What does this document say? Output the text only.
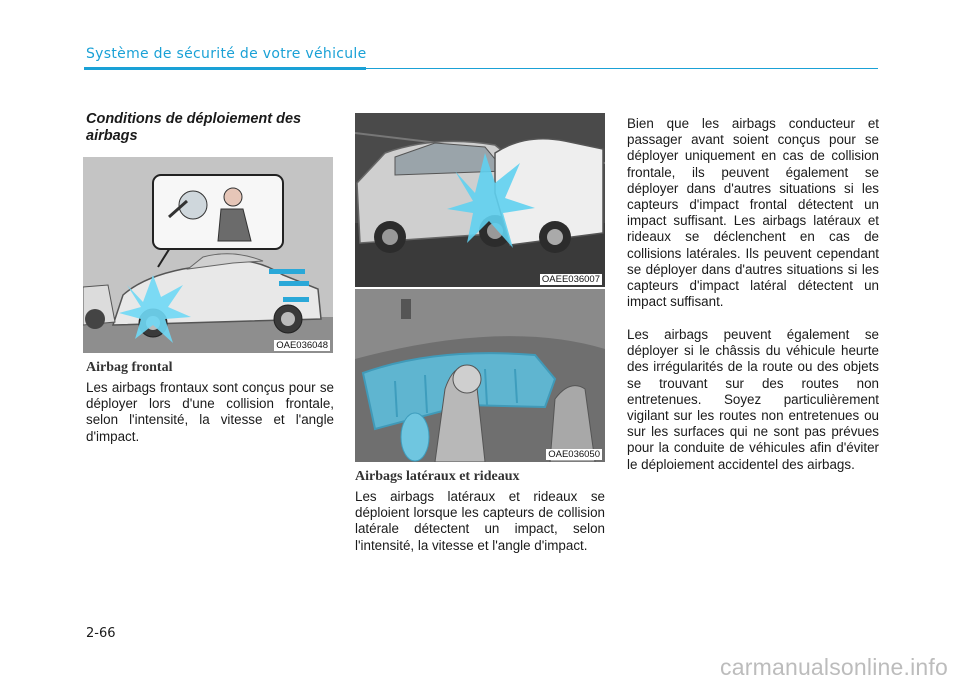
Système de sécurité de votre véhicule
Conditions de déploiement des airbags
OAE036048
Airbag frontal

Les airbags frontaux sont conçus pour se déployer lors d'une collision frontale, selon l'intensité, la vitesse et l'angle d'impact.

OAEE036007
OAE036050
Airbags latéraux et rideaux

Les airbags latéraux et rideaux se déploient lorsque les capteurs de collision latérale détectent un impact, selon l'intensité, la vitesse et l'angle d'impact.

Bien que les airbags conducteur et passager avant soient conçus pour se déployer uniquement en cas de collision frontale, ils peuvent également se déployer dans d'autres situations si les capteurs d'impact frontal détectent un impact suffisant. Les airbags latéraux et rideaux se déclenchent en cas de collisions latérales. Ils peuvent cependant se déployer dans d'autres situations si les capteurs d'impact latéral détectent un impact suffisant.

Les airbags peuvent également se déployer si le châssis du véhicule heurte des irrégularités de la route ou des objets se trouvant sur des routes non entretenues. Soyez particulièrement vigilant sur les routes non entretenues ou sur les surfaces qui ne sont pas prévues pour la conduite de véhicules afin d'éviter le déploiement accidentel des airbags.

2-66
carmanualsonline.info
